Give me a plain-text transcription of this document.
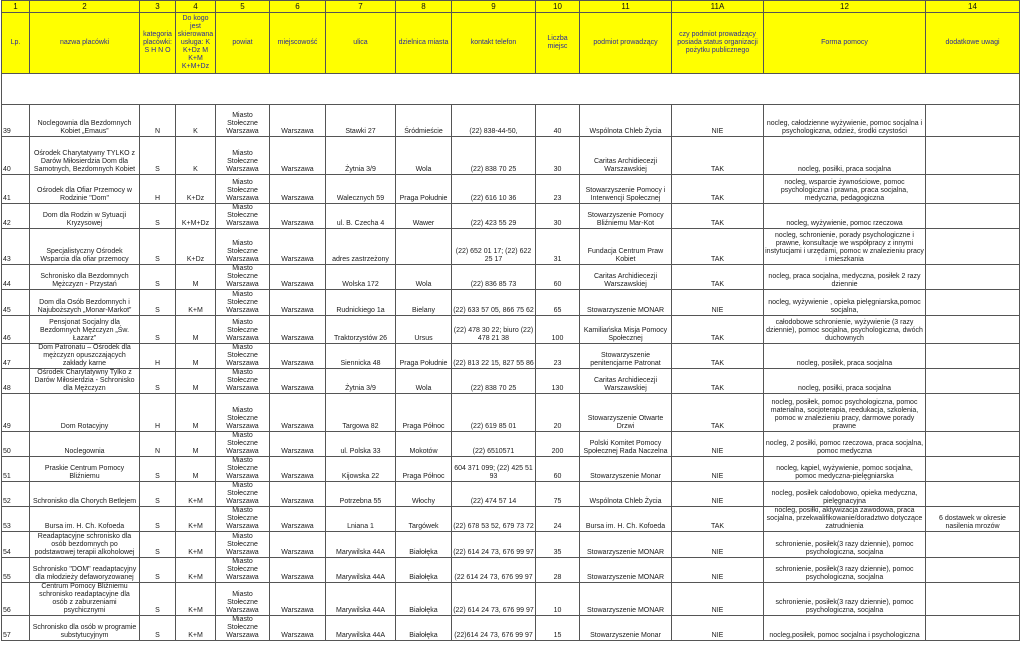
1	2	3	4	5	6	7	8	9	10	11	11A	12	14
Lp.	nazwa placówki	kategoria placówki: S H N O	Do kogo jest skierowana usługa: K K+Dz M K+M K+M+Dz	powiat	miejscowość	ulica	dzielnica miasta	kontakt telefon	Liczba miejsc	podmiot prowadzący	czy podmiot prowadzący posiada status organizacji pożytku publicznego	Forma pomocy	dodatkowe uwagi

39	Noclegownia dla Bezdomnych Kobiet „Emaus”	N	K	Miasto Stołeczne Warszawa	Warszawa	Stawki 27	Śródmieście	(22) 838-44-50,	40	Wspólnota Chleb Życia	NIE	nocleg, całodzienne wyżywienie, pomoc socjalna i psychologiczna, odzież, środki czystości	
40	Ośrodek Charytatywny TYLKO z Darów Miłosierdzia Dom dla Samotnych, Bezdomnych Kobiet	S	K	Miasto Stołeczne Warszawa	Warszawa	Żytnia 3/9	Wola	(22) 838 70 25	30	Caritas Archidiecezji Warszawskiej	TAK	nocleg, posiłki, praca socjalna	
41	Ośrodek dla Ofiar Przemocy w Rodzinie "Dom"	H	K+Dz	Miasto Stołeczne Warszawa	Warszawa	Walecznych 59	Praga Południe	(22) 616 10 36	23	Stowarzyszenie Pomocy i Interwencji Społecznej	TAK	nocleg, wsparcie żywnościowe, pomoc psychologiczna i prawna, praca socjalna, medyczna, pedagogiczna	
42	Dom dla Rodzin w Sytuacji Kryzysowej	S	K+M+Dz	Miasto Stołeczne Warszawa	Warszawa	ul. B. Czecha 4	Wawer	(22) 423 55 29	30	Stowarzyszenie Pomocy Bliźniemu Mar-Kot	TAK	nocleg, wyżywienie, pomoc rzeczowa	
43	Specjalistyczny Ośrodek Wsparcia dla ofiar przemocy	S	K+Dz	Miasto Stołeczne Warszawa	Warszawa	adres zastrzeżony		(22) 652 01 17; (22) 622 25 17	31	Fundacja Centrum Praw Kobiet	TAK	nocleg, schronienie, porady psychologiczne i prawne, konsultacje we współpracy z innymi instytucjami i urzędami, pomoc w znalezieniu pracy i mieszkania	
44	Schronisko dla Bezdomnych Mężczyzn - Przystań	S	M	Miasto Stołeczne Warszawa	Warszawa	Wolska 172	Wola	(22) 836 85 73	60	Caritas Archidiecezji Warszawskiej	TAK	nocleg, praca socjalna, medyczna, posiłek 2 razy dziennie	
45	Dom dla Osób Bezdomnych i Najuboższych „Monar-Markot”	S	K+M	Miasto Stołeczne Warszawa	Warszawa	Rudnickiego 1a	Bielany	(22) 633 57 05, 866 75 62	65	Stowarzyszenie MONAR	NIE	nocleg, wyżywienie , opieka pielęgniarska,pomoc socjalna,	
46	Pensjonat Socjalny dla Bezdomnych Mężczyzn „Św. Łazarz”	S	M	Miasto Stołeczne Warszawa	Warszawa	Traktorzystów 26	Ursus	(22) 478 30 22; biuro (22) 478 21 38	100	Kamiliańska Misja Pomocy Społecznej	TAK	całodobowe schronienie, wyżywienie (3 razy dziennie), pomoc socjalna, psychologiczna, dwóch duchownych	
47	Dom Patronatu – Ośrodek dla mężczyzn opuszczających zakłady karne	H	M	Miasto Stołeczne Warszawa	Warszawa	Siennicka 48	Praga Południe	(22) 813 22 15, 827 55 86	23	Stowarzyszenie penitencjarne Patronat	TAK	nocleg, posiłek, praca socjalna	
48	Ośrodek Charytatywny Tylko z Darów Miłosierdzia - Schronisko dla Mężczyzn	S	M	Miasto Stołeczne Warszawa	Warszawa	Żytnia 3/9	Wola	(22) 838 70 25	130	Caritas Archidiecezji Warszawskiej	TAK	nocleg, posiłki, praca socjalna	
49	Dom Rotacyjny	H	M	Miasto Stołeczne Warszawa	Warszawa	Targowa 82	Praga Północ	(22) 619 85 01	20	Stowarzyszenie Otwarte Drzwi	TAK	nocleg, posiłek, pomoc psychologiczna, pomoc materialna, socjoterapia, reedukacja, szkolenia, pomoc w znalezieniu pracy, darmowe porady prawne	
50	Noclegownia	N	M	Miasto Stołeczne Warszawa	Warszawa	ul. Polska 33	Mokotów	(22) 6510571	200	Polski Komitet Pomocy Społecznej Rada Naczelna	NIE	nocleg, 2 posiłki, pomoc rzeczowa, praca socjalna, pomoc medyczna	
51	Praskie Centrum Pomocy Bliźniemu	S	M	Miasto Stołeczne Warszawa	Warszawa	Kijowska 22	Praga Północ	604 371 099; (22) 425 51 93	60	Stowarzyszenie Monar	NIE	nocleg, kąpiel, wyżywienie, pomoc socjalna, pomoc medyczna-pielęgniarska	
52	Schronisko dla Chorych Betlejem	S	K+M	Miasto Stołeczne Warszawa	Warszawa	Potrzebna 55	Włochy	(22) 474 57 14	75	Wspólnota Chleb Życia	NIE	nocleg, posiłek całodobowo, opieka medyczna, pielęgnacyjna	
53	Bursa im. H. Ch. Kofoeda	S	K+M	Miasto Stołeczne Warszawa	Warszawa	Lniana 1	Targówek	(22) 678 53 52, 679 73 72	24	Bursa im. H. Ch. Kofoeda	TAK	nocleg, posiłki, aktywizacja zawodowa, praca socjalna, przekwalifikowanie/doradztwo dotyczące zatrudnienia	6 dostawek w okresie nasilenia mrozów
54	Readaptacyjne schronisko dla osób bezdomnych po podstawowej terapii alkoholowej	S	K+M	Miasto Stołeczne Warszawa	Warszawa	Marywilska 44A	Białołęka	(22) 614 24 73, 676 99 97	35	Stowarzyszenie MONAR	NIE	schronienie, posiłek(3 razy dziennie), pomoc psychologiczna, socjalna	
55	Schronisko "DOM" readaptacyjny dla młodzieży defaworyzowanej	S	K+M	Miasto Stołeczne Warszawa	Warszawa	Marywilska 44A	Białołęka	(22 614 24 73, 676 99 97	28	Stowarzyszenie MONAR	NIE	schronienie, posiłek(3 razy dziennie), pomoc psychologiczna, socjalna	
56	Centrum Pomocy Bliźniemu schronisko readaptacyjne dla osób z zaburzeniami psychicznymi	S	K+M	Miasto Stołeczne Warszawa	Warszawa	Marywilska 44A	Białołęka	(22) 614 24 73, 676 99 97	10	Stowarzyszenie MONAR	NIE	schronienie, posiłek(3 razy dziennie), pomoc psychologiczna, socjalna	
57	Schronisko dla osób w programie substytucyjnym	S	K+M	Miasto Stołeczne Warszawa	Warszawa	Marywilska 44A	Białołęka	(22)614 24 73, 676 99 97	15	Stowarzyszenie Monar	NIE	nocleg,posiłek, pomoc socjalna i psychologiczna	
